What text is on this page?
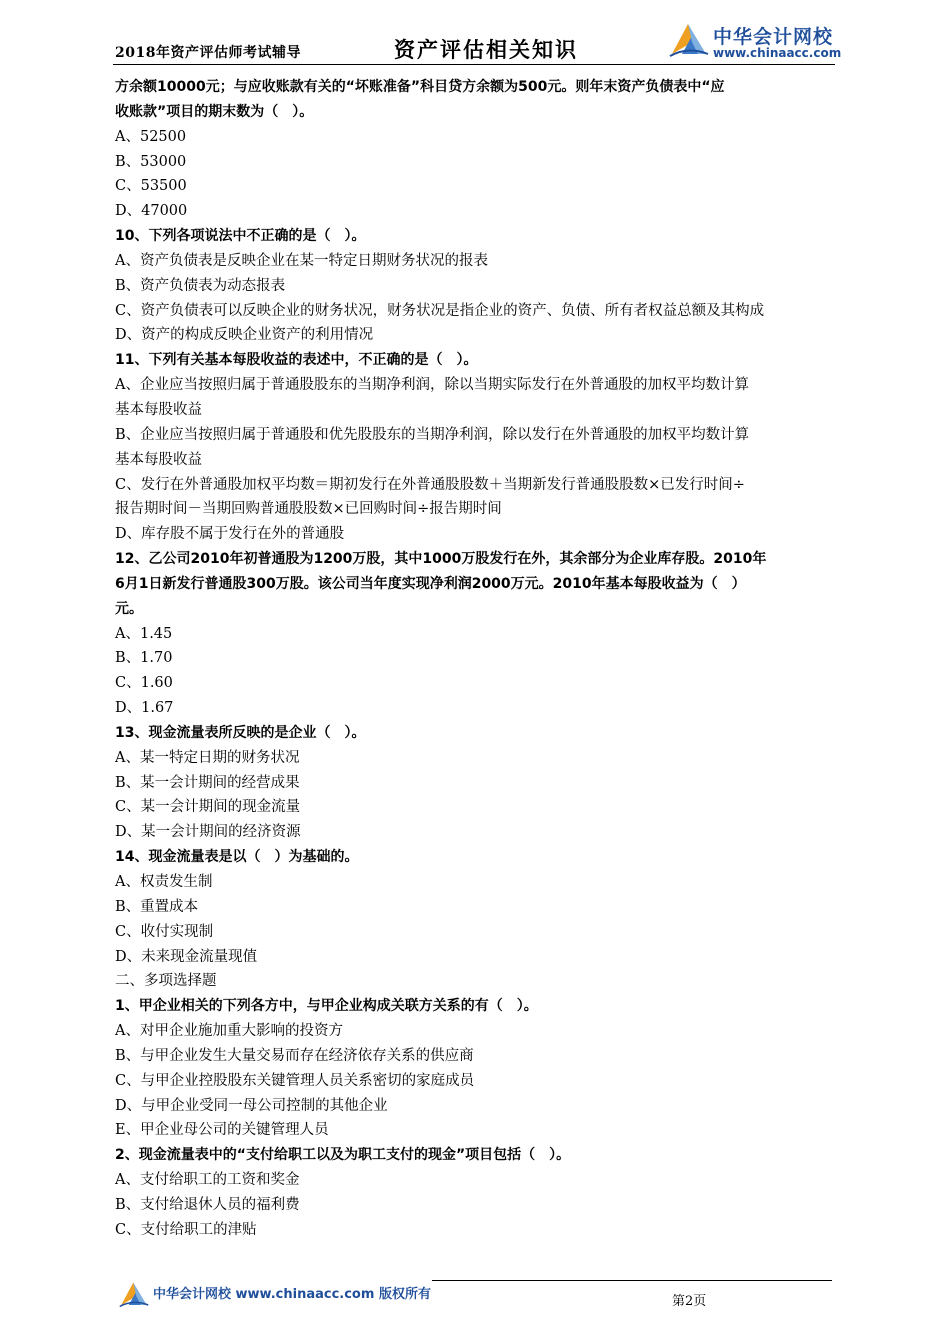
2018年资产评估师考试辅导	资产评估相关知识	中华会计网校
www.chinaacc.com
方余额10000元；与应收账款有关的“坏账准备”科目贷方余额为500元。则年末资产负债表中“应
收账款”项目的期末数为（　）。
A、52500
B、53000
C、53500
D、47000
10、下列各项说法中不正确的是（　）。
A、资产负债表是反映企业在某一特定日期财务状况的报表
B、资产负债表为动态报表
C、资产负债表可以反映企业的财务状况，财务状况是指企业的资产、负债、所有者权益总额及其构成
D、资产的构成反映企业资产的利用情况
11、下列有关基本每股收益的表述中，不正确的是（　）。
A、企业应当按照归属于普通股股东的当期净利润，除以当期实际发行在外普通股的加权平均数计算
基本每股收益
B、企业应当按照归属于普通股和优先股股东的当期净利润，除以发行在外普通股的加权平均数计算
基本每股收益
C、发行在外普通股加权平均数＝期初发行在外普通股股数＋当期新发行普通股股数×已发行时间÷
报告期时间－当期回购普通股股数×已回购时间÷报告期时间
D、库存股不属于发行在外的普通股
12、乙公司2010年初普通股为1200万股，其中1000万股发行在外，其余部分为企业库存股。2010年
6月1日新发行普通股300万股。该公司当年度实现净利润2000万元。2010年基本每股收益为（　）
元。
A、1.45
B、1.70
C、1.60
D、1.67
13、现金流量表所反映的是企业（　）。
A、某一特定日期的财务状况
B、某一会计期间的经营成果
C、某一会计期间的现金流量
D、某一会计期间的经济资源
14、现金流量表是以（　）为基础的。
A、权责发生制
B、重置成本
C、收付实现制
D、未来现金流量现值
二、多项选择题
1、甲企业相关的下列各方中，与甲企业构成关联方关系的有（　）。
A、对甲企业施加重大影响的投资方
B、与甲企业发生大量交易而存在经济依存关系的供应商
C、与甲企业控股股东关键管理人员关系密切的家庭成员
D、与甲企业受同一母公司控制的其他企业
E、甲企业母公司的关键管理人员
2、现金流量表中的“支付给职工以及为职工支付的现金”项目包括（　）。
A、支付给职工的工资和奖金
B、支付给退休人员的福利费
C、支付给职工的津贴
中华会计网校 www.chinaacc.com 版权所有	第2页
